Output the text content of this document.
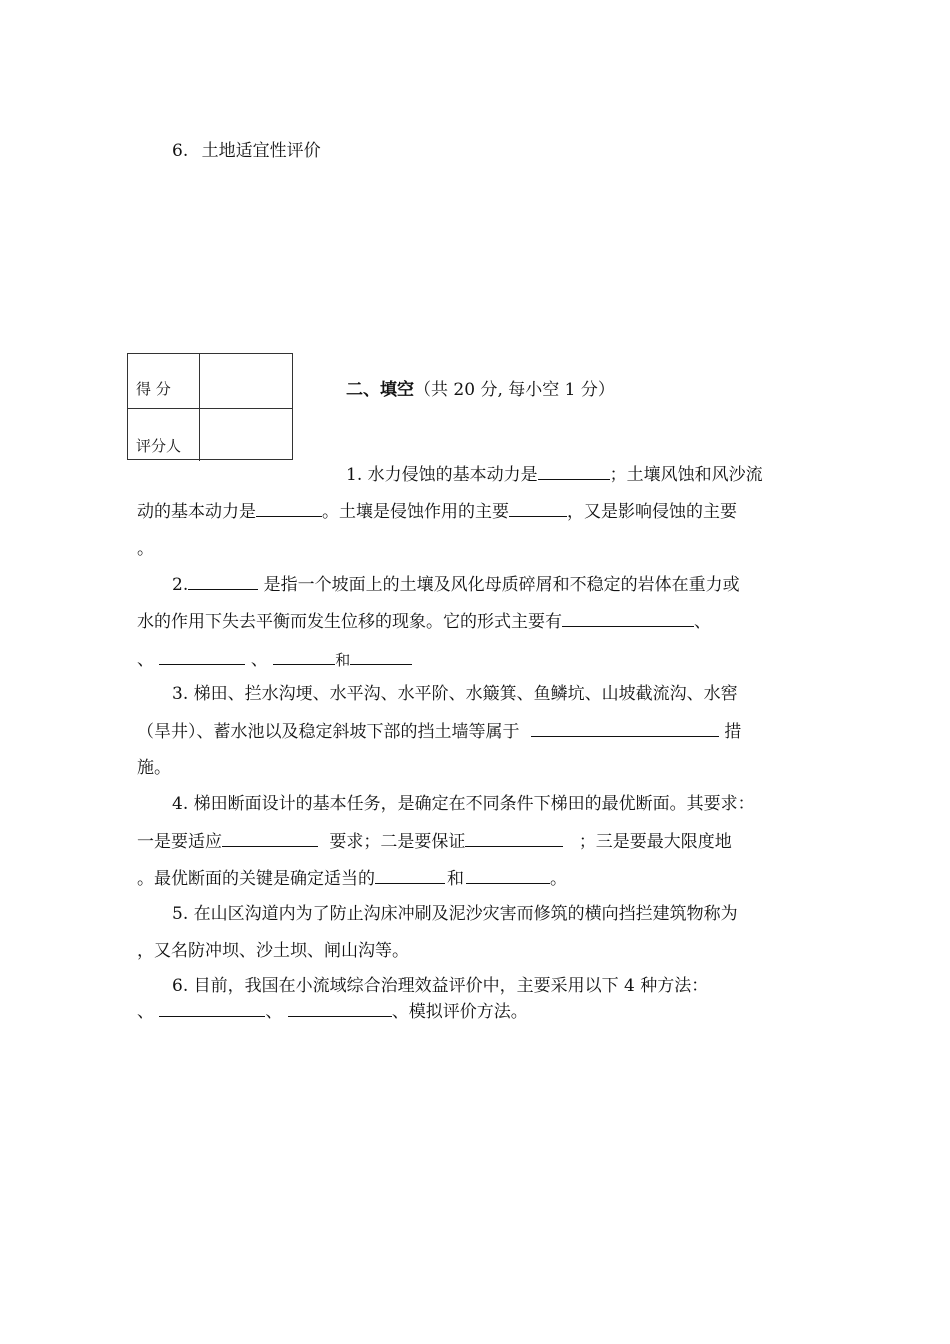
6. 土地适宜性评价
得 分
评分人
二、填空（共 20 分, 每小空 1 分）
1. 水力侵蚀的基本动力是	；土壤风蚀和风沙流
动的基本动力是	。土壤是侵蚀作用的主要	，又是影响侵蚀的主要
。
2.	是指一个坡面上的土壤及风化母质碎屑和不稳定的岩体在重力或
水的作用下失去平衡而发生位移的现象。它的形式主要有	、
、	、	和
3. 梯田、拦水沟埂、水平沟、水平阶、水簸箕、鱼鳞坑、山坡截流沟、水窖
（旱井）、蓄水池以及稳定斜坡下部的挡土墙等属于	措
施。
4. 梯田断面设计的基本任务，是确定在不同条件下梯田的最优断面。其要求：
一是要适应	要求；二是要保证	；三是要最大限度地
。最优断面的关键是确定适当的	和	。
5. 在山区沟道内为了防止沟床冲刷及泥沙灾害而修筑的横向挡拦建筑物称为
，又名防冲坝、沙土坝、闸山沟等。
6. 目前，我国在小流域综合治理效益评价中，主要采用以下 4 种方法：
、	、	、模拟评价方法。
